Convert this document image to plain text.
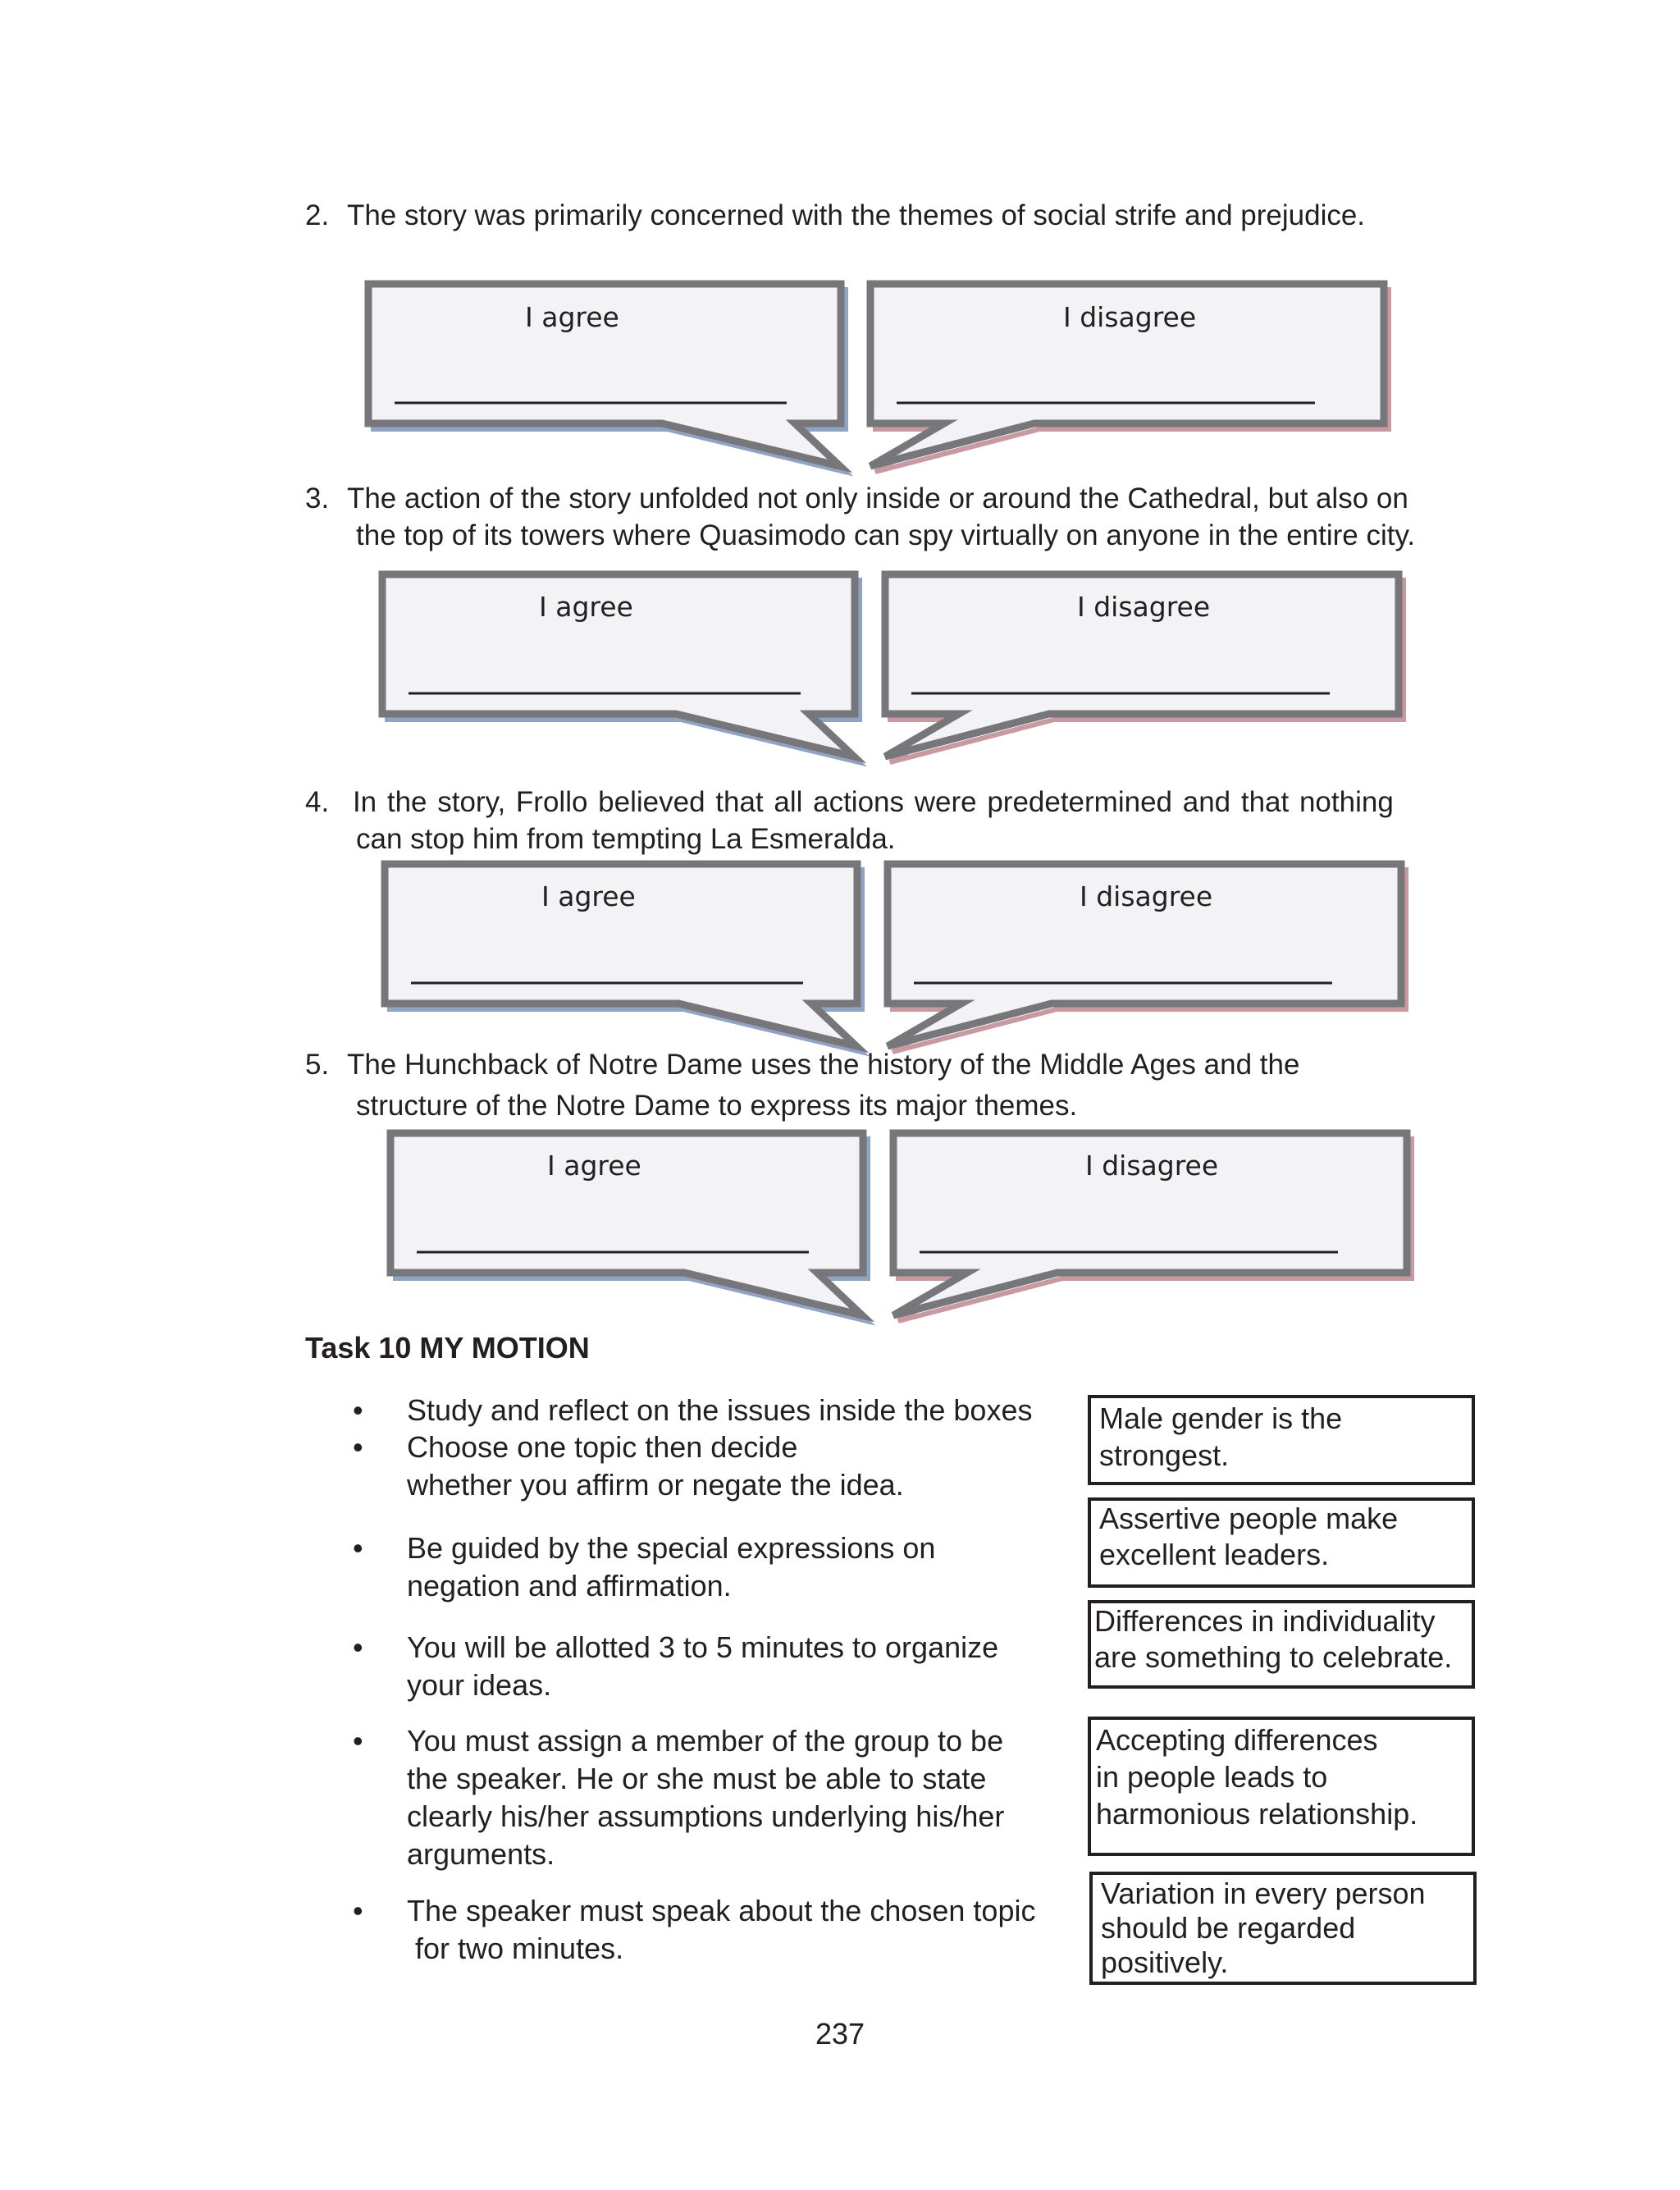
2. The story was primarily concerned with the themes of social strife and prejudice.
3. The action of the story unfolded not only inside or around the Cathedral, but also on
the top of its towers where Quasimodo can spy virtually on anyone in the entire city.
4. In the story, Frollo believed that all actions were predetermined and that nothing
can stop him from tempting La Esmeralda.
5. The Hunchback of Notre Dame uses the history of the Middle Ages and the
structure of the Notre Dame to express its major themes.
I agree	I disagree
I agree	I disagree
I agree	I disagree
I agree	I disagree
Task 10 MY MOTION
• Study and reflect on the issues inside the boxes
• Choose one topic then decide
whether you affirm or negate the idea.
• Be guided by the special expressions on
negation and affirmation.
• You will be allotted 3 to 5 minutes to organize
your ideas.
• You must assign a member of the group to be
the speaker. He or she must be able to state
clearly his/her assumptions underlying his/her
arguments.
• The speaker must speak about the chosen topic
for two minutes.
Male gender is the
strongest.
Assertive people make
excellent leaders.
Differences in individuality
are something to celebrate.
Accepting differences
in people leads to
harmonious relationship.
Variation in every person
should be regarded
positively.
237
